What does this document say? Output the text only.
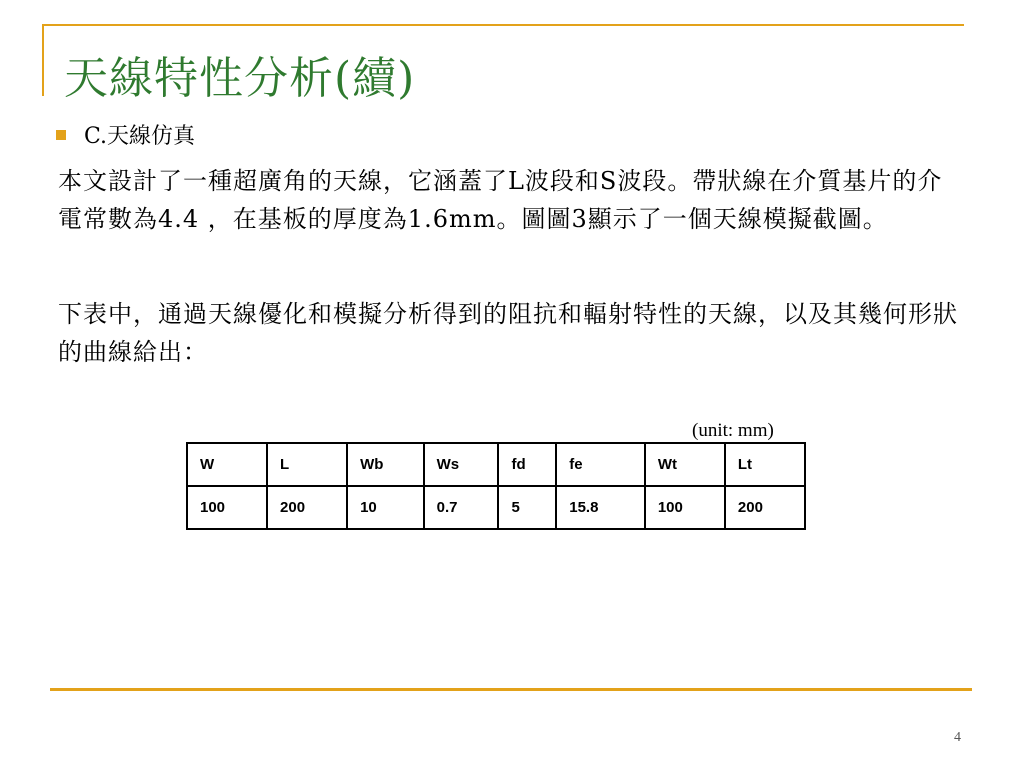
天線特性分析(續)
C.天線仿真

本文設計了一種超廣角的天線，它涵蓋了L波段和S波段。帶狀線在介質基片的介電常數為4.4 ，在基板的厚度為1.6mm。圖圖3顯示了一個天線模擬截圖。

下表中，通過天線優化和模擬分析得到的阻抗和輻射特性的天線，以及其幾何形狀的曲線給出：

(unit: mm)
W	L	Wb	Ws	fd	fe	Wt	Lt
100	200	10	0.7	5	15.8	100	200
4
